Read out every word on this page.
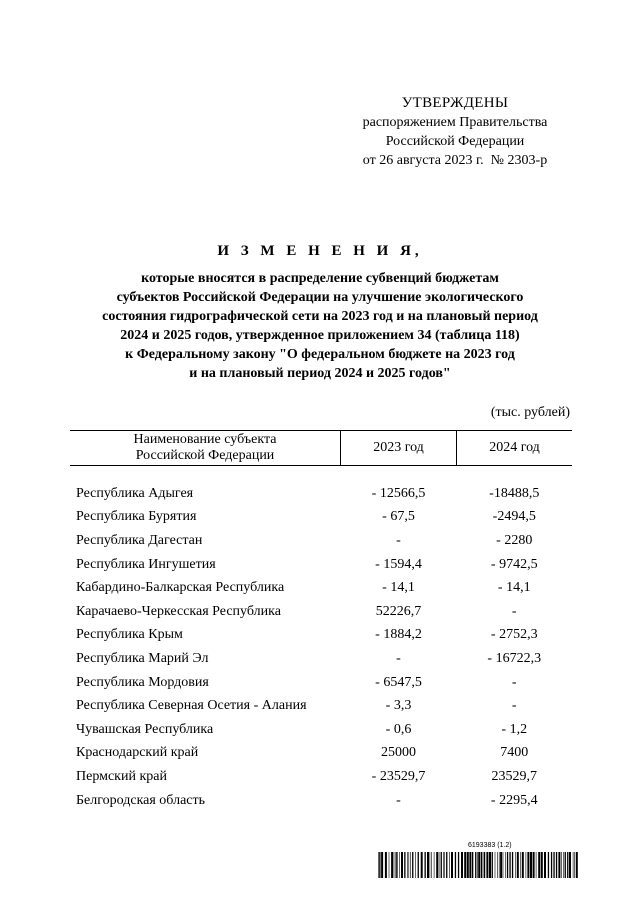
УТВЕРЖДЕНЫ
распоряжением Правительства
Российской Федерации
от 26 августа 2023 г.  № 2303-р
И З М Е Н Е Н И Я,
которые вносятся в распределение субвенций бюджетам
субъектов Российской Федерации на улучшение экологического
состояния гидрографической сети на 2023 год и на плановый период
2024 и 2025 годов, утвержденное приложением 34 (таблица 118)
к Федеральному закону "О федеральном бюджете на 2023 год
и на плановый период 2024 и 2025 годов"
(тыс. рублей)
Наименование субъекта
Российской Федерации	2023 год	2024 год

Республика Адыгея	- 12566,5	-18488,5
Республика Бурятия	- 67,5	-2494,5
Республика Дагестан	-	- 2280
Республика Ингушетия	- 1594,4	- 9742,5
Кабардино-Балкарская Республика	- 14,1	- 14,1
Карачаево-Черкесская Республика	52226,7	-
Республика Крым	- 1884,2	- 2752,3
Республика Марий Эл	-	- 16722,3
Республика Мордовия	- 6547,5	-
Республика Северная Осетия - Алания	- 3,3	-
Чувашская Республика	- 0,6	- 1,2
Краснодарский край	25000	7400
Пермский край	- 23529,7	23529,7
Белгородская область	-	- 2295,4
6193383 (1.2)
